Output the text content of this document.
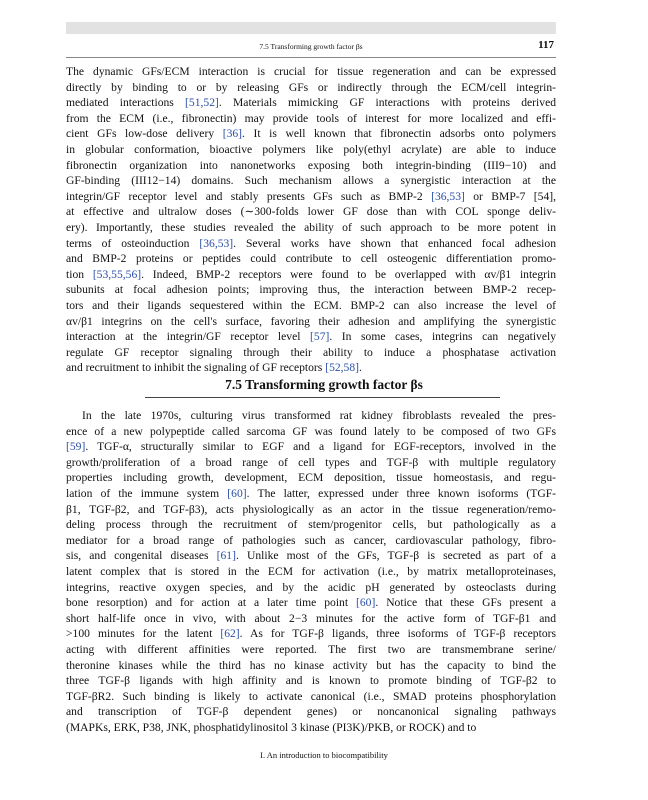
7.5 Transforming growth factor βs	117
The dynamic GFs/ECM interaction is crucial for tissue regeneration and can be expressed
directly by binding to or by releasing GFs or indirectly through the ECM/cell integrin-
mediated interactions [51,52]. Materials mimicking GF interactions with proteins derived
from the ECM (i.e., fibronectin) may provide tools of interest for more localized and effi-
cient GFs low-dose delivery [36]. It is well known that fibronectin adsorbs onto polymers
in globular conformation, bioactive polymers like poly(ethyl acrylate) are able to induce
fibronectin organization into nanonetworks exposing both integrin-binding (III9−10) and
GF-binding (III12−14) domains. Such mechanism allows a synergistic interaction at the
integrin/GF receptor level and stably presents GFs such as BMP-2 [36,53] or BMP-7 [54],
at effective and ultralow doses (∼300-folds lower GF dose than with COL sponge deliv-
ery). Importantly, these studies revealed the ability of such approach to be more potent in
terms of osteoinduction [36,53]. Several works have shown that enhanced focal adhesion
and BMP-2 proteins or peptides could contribute to cell osteogenic differentiation promo-
tion [53,55,56]. Indeed, BMP-2 receptors were found to be overlapped with αv/β1 integrin
subunits at focal adhesion points; improving thus, the interaction between BMP-2 recep-
tors and their ligands sequestered within the ECM. BMP-2 can also increase the level of
αv/β1 integrins on the cell's surface, favoring their adhesion and amplifying the synergistic
interaction at the integrin/GF receptor level [57]. In some cases, integrins can negatively
regulate GF receptor signaling through their ability to induce a phosphatase activation
and recruitment to inhibit the signaling of GF receptors [52,58].
7.5 Transforming growth factor βs
In the late 1970s, culturing virus transformed rat kidney fibroblasts revealed the pres-
ence of a new polypeptide called sarcoma GF was found lately to be composed of two GFs
[59]. TGF-α, structurally similar to EGF and a ligand for EGF-receptors, involved in the
growth/proliferation of a broad range of cell types and TGF-β with multiple regulatory
properties including growth, development, ECM deposition, tissue homeostasis, and regu-
lation of the immune system [60]. The latter, expressed under three known isoforms (TGF-
β1, TGF-β2, and TGF-β3), acts physiologically as an actor in the tissue regeneration/remo-
deling process through the recruitment of stem/progenitor cells, but pathologically as a
mediator for a broad range of pathologies such as cancer, cardiovascular pathology, fibro-
sis, and congenital diseases [61]. Unlike most of the GFs, TGF-β is secreted as part of a
latent complex that is stored in the ECM for activation (i.e., by matrix metalloproteinases,
integrins, reactive oxygen species, and by the acidic pH generated by osteoclasts during
bone resorption) and for action at a later time point [60]. Notice that these GFs present a
short half-life once in vivo, with about 2−3 minutes for the active form of TGF-β1 and
>100 minutes for the latent [62]. As for TGF-β ligands, three isoforms of TGF-β receptors
acting with different affinities were reported. The first two are transmembrane serine/
theronine kinases while the third has no kinase activity but has the capacity to bind the
three TGF-β ligands with high affinity and is known to promote binding of TGF-β2 to
TGF-βR2. Such binding is likely to activate canonical (i.e., SMAD proteins phosphorylation
and transcription of TGF-β dependent genes) or noncanonical signaling pathways
(MAPKs, ERK, P38, JNK, phosphatidylinositol 3 kinase (PI3K)/PKB, or ROCK) and to
I. An introduction to biocompatibility
